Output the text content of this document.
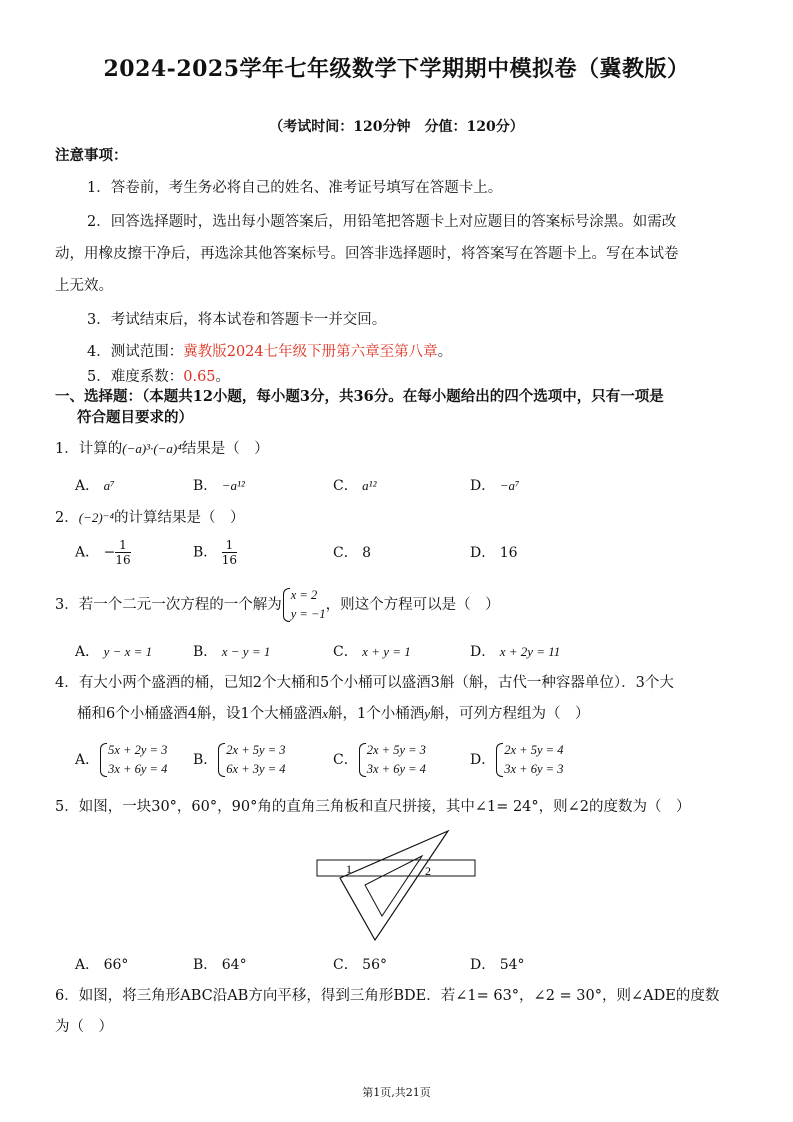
2024-2025学年七年级数学下学期期中模拟卷（冀教版）
（考试时间：120分钟　分值：120分）
注意事项：
1．答卷前，考生务必将自己的姓名、准考证号填写在答题卡上。
2．回答选择题时，选出每小题答案后，用铅笔把答题卡上对应题目的答案标号涂黑。如需改
动，用橡皮擦干净后，再选涂其他答案标号。回答非选择题时，将答案写在答题卡上。写在本试卷
上无效。
3．考试结束后，将本试卷和答题卡一并交回。
4．测试范围：冀教版2024七年级下册第六章至第八章。
5．难度系数：0.65。
一、选择题：（本题共12小题，每小题3分，共36分。在每小题给出的四个选项中，只有一项是
符合题目要求的）
1．计算的(−a)³·(−a)⁴结果是（　）
A． a⁷	B． −a¹²	C． a¹²	D． −a⁷
2．(−2)⁻⁴的计算结果是（　）
A． − $\frac{1}{16}$	B． $\frac{1}{16}$	C． 8	D． 16
3．若一个二元一次方程的一个解为
x = 2
y = −1
，则这个方程可以是（　）
A． y − x = 1	B． x − y = 1	C． x + y = 1	D． x + 2y = 11
4．有大小两个盛酒的桶，已知2个大桶和5个小桶可以盛酒3斛（斛，古代一种容器单位）．3个大
桶和6个小桶盛酒4斛，设1个大桶盛酒x斛，1个小桶酒y斛，可列方程组为（　）
A．
5x + 2y = 3
3x + 6y = 4
B．
2x + 5y = 3
6x + 3y = 4
C．
2x + 5y = 3
3x + 6y = 4
D．
2x + 5y = 4
3x + 6y = 3
5．如图，一块30°，60°，90°角的直角三角板和直尺拼接，其中∠1= 24°，则∠2的度数为（　）
1	2
A． 66°	B． 64°	C． 56°	D． 54°
6．如图，将三角形ABC沿AB方向平移，得到三角形BDE．若∠1= 63°，∠2 = 30°，则∠ADE的度数
为（　）
第1页,共21页
